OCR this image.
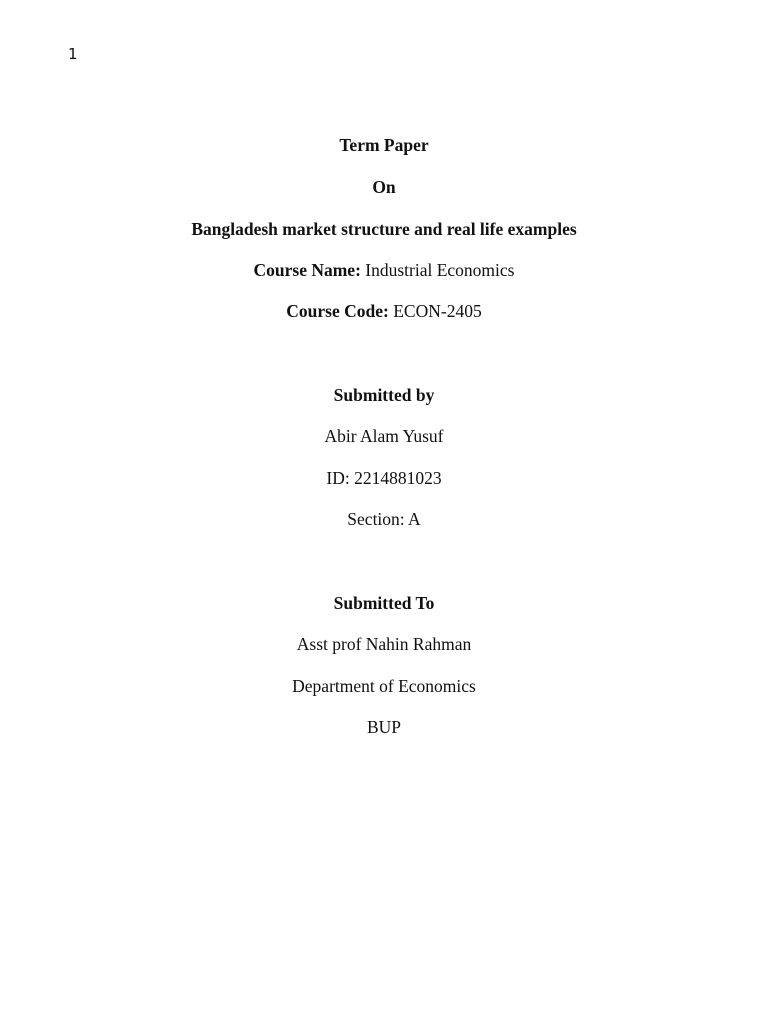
1
Term Paper
On
Bangladesh market structure and real life examples
Course Name: Industrial Economics
Course Code: ECON-2405
Submitted by
Abir Alam Yusuf
ID: 2214881023
Section: A
Submitted To
Asst prof Nahin Rahman
Department of Economics
BUP
